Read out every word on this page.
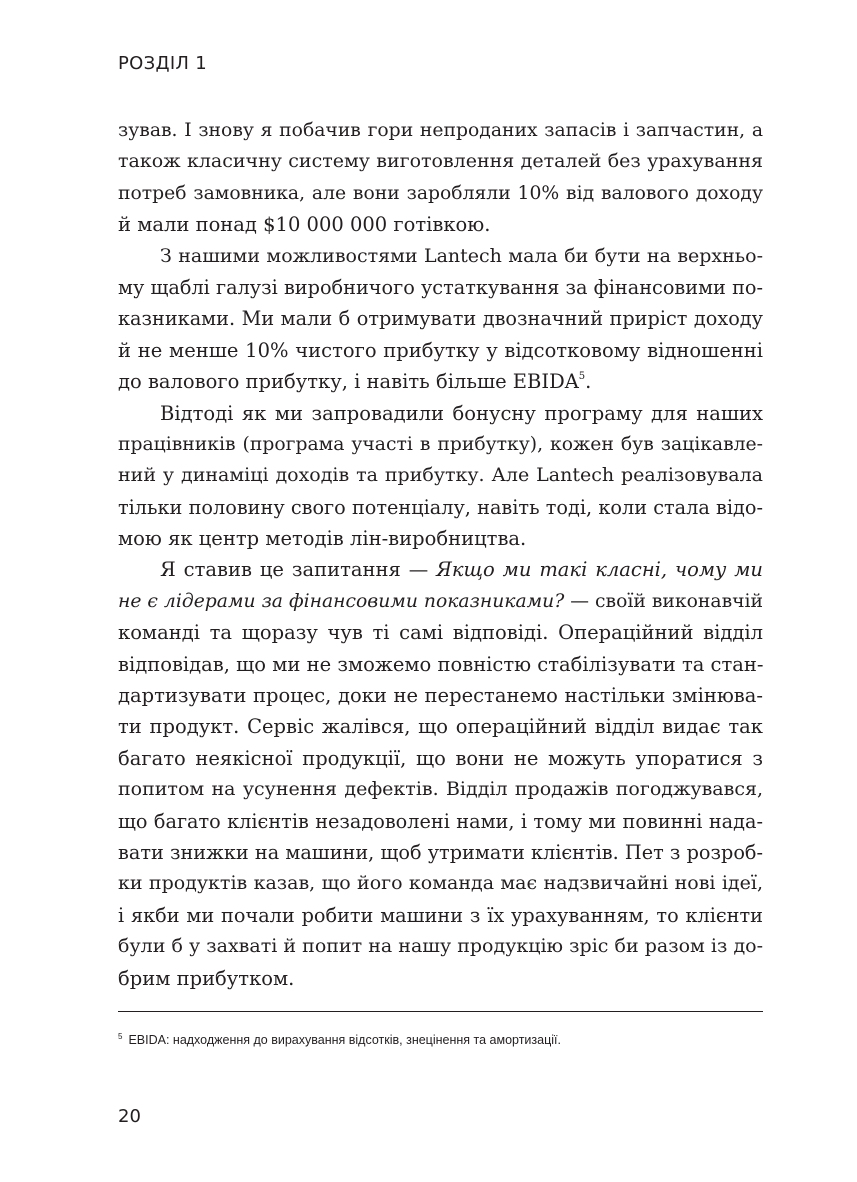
РОЗДІЛ 1
зував. І знову я побачив гори непроданих запасів і запчастин, а
також класичну систему виготовлення деталей без урахування
потреб замовника, але вони заробляли 10% від валового доходу
й мали понад $10 000 000 готівкою.
З нашими можливостями Lantech мала би бути на верхньо-
му щаблі галузі виробничого устаткування за фінансовими по-
казниками. Ми мали б отримувати двозначний приріст доходу
й не менше 10% чистого прибутку у відсотковому відношенні
до валового прибутку, і навіть більше EBIDA$^5$.
Відтоді як ми запровадили бонусну програму для наших
працівників (програма участі в прибутку), кожен був зацікавле-
ний у динаміці доходів та прибутку. Але Lantech реалізовувала
тільки половину свого потенціалу, навіть тоді, коли стала відо-
мою як центр методів лін-виробництва.
Я ставив це запитання — Якщо ми такі класні, чому ми
не є лідерами за фінансовими показниками? — своїй виконавчій
команді та щоразу чув ті самі відповіді. Операційний відділ
відповідав, що ми не зможемо повністю стабілізувати та стан-
дартизувати процес, доки не перестанемо настільки змінюва-
ти продукт. Сервіс жалівся, що операційний відділ видає так
багато неякісної продукції, що вони не можуть упоратися з
попитом на усунення дефектів. Відділ продажів погоджувався,
що багато клієнтів незадоволені нами, і тому ми повинні нада-
вати знижки на машини, щоб утримати клієнтів. Пет з розроб-
ки продуктів казав, що його команда має надзвичайні нові ідеї,
і якби ми почали робити машини з їх урахуванням, то клієнти
були б у захваті й попит на нашу продукцію зріс би разом із до-
брим прибутком.
$^5$ EBIDA: надходження до вирахування відсотків, знецінення та амортизації.
20
